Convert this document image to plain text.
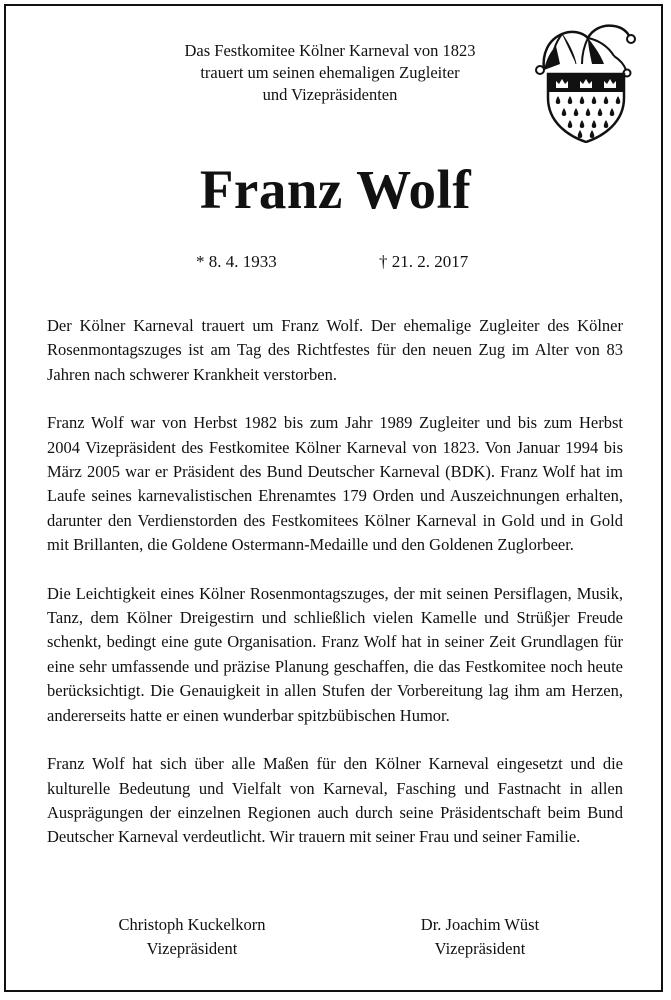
Das Festkomitee Kölner Karneval von 1823
trauert um seinen ehemaligen Zugleiter
und Vizepräsidenten
Franz Wolf
* 8. 4. 1933	† 21. 2. 2017

Der Kölner Karneval trauert um Franz Wolf. Der ehemalige Zugleiter des Kölner Rosenmontagszuges ist am Tag des Richtfestes für den neuen Zug im Alter von 83 Jahren nach schwerer Krankheit verstorben.

Franz Wolf war von Herbst 1982 bis zum Jahr 1989 Zugleiter und bis zum Herbst 2004 Vizepräsident des Festkomitee Kölner Karneval von 1823. Von Januar 1994 bis März 2005 war er Präsident des Bund Deutscher Karneval (BDK). Franz Wolf hat im Laufe seines karnevalistischen Ehrenamtes 179 Orden und Auszeichnungen erhalten, darunter den Verdienstorden des Festkomitees Kölner Karneval in Gold und in Gold mit Brillanten, die Goldene Ostermann-Medaille und den Goldenen Zuglorbeer.

Die Leichtigkeit eines Kölner Rosenmontagszuges, der mit seinen Persiflagen, Musik, Tanz, dem Kölner Dreigestirn und schließlich vielen Kamelle und Strüßjer Freude schenkt, bedingt eine gute Organisation. Franz Wolf hat in seiner Zeit Grundlagen für eine sehr umfassende und präzise Planung geschaffen, die das Festkomitee noch heute berücksichtigt. Die Genauigkeit in allen Stufen der Vorbereitung lag ihm am Herzen, andererseits hatte er einen wunderbar spitzbübischen Humor.

Franz Wolf hat sich über alle Maßen für den Kölner Karneval eingesetzt und die kulturelle Bedeutung und Vielfalt von Karneval, Fasching und Fastnacht in allen Ausprägungen der einzelnen Regionen auch durch seine Präsidentschaft beim Bund Deutscher Karneval verdeutlicht. Wir trauern mit seiner Frau und seiner Familie.

Christoph Kuckelkorn
Vizepräsident
Dr. Joachim Wüst
Vizepräsident
